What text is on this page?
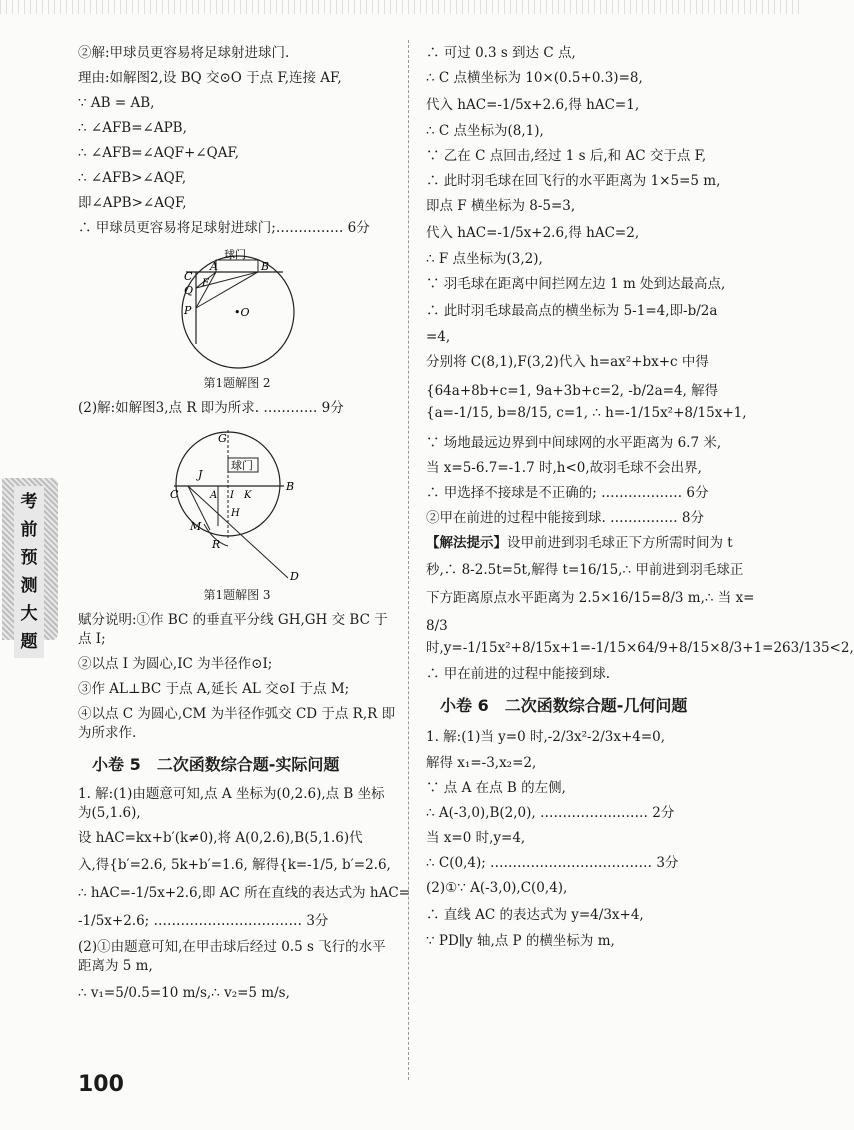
考前预测大题
②解:甲球员更容易将足球射进球门.
理由:如解图2,设 BQ 交⊙O 于点 F,连接 AF,
∵ AB = AB,
∴ ∠AFB=∠APB,
∴ ∠AFB=∠AQF+∠QAF,
∴ ∠AFB>∠AQF,
即∠APB>∠AQF,
∴ 甲球员更容易将足球射进球门;…………… 6分
球门
A	B
C
Q
F
P	•O
第1题解图 2
(2)解:如解图3,点 R 即为所求. ………… 9分
G
球门
J
A I K
C
B
H
M
R
D
第1题解图 3
赋分说明:①作 BC 的垂直平分线 GH,GH 交 BC 于点 I;
②以点 I 为圆心,IC 为半径作⊙I;
③作 AL⊥BC 于点 A,延长 AL 交⊙I 于点 M;
④以点 C 为圆心,CM 为半径作弧交 CD 于点 R,R 即为所求作.
小卷 5　二次函数综合题-实际问题
1. 解:(1)由题意可知,点 A 坐标为(0,2.6),点 B 坐标为(5,1.6),
设 hAC=kx+b′(k≠0),将 A(0,2.6),B(5,1.6)代
入,得{b′=2.6, 5k+b′=1.6, 解得{k=-1/5, b′=2.6,
∴ hAC=-1/5x+2.6,即 AC 所在直线的表达式为 hAC=
-1/5x+2.6; …………………………… 3分
(2)①由题意可知,在甲击球后经过 0.5 s 飞行的水平距离为 5 m,
∴ v₁=5/0.5=10 m/s,∴ v₂=5 m/s,
∴ 可过 0.3 s 到达 C 点,
∴ C 点横坐标为 10×(0.5+0.3)=8,
代入 hAC=-1/5x+2.6,得 hAC=1,
∴ C 点坐标为(8,1),
∵ 乙在 C 点回击,经过 1 s 后,和 AC 交于点 F,
∴ 此时羽毛球在回飞行的水平距离为 1×5=5 m,
即点 F 横坐标为 8-5=3,
代入 hAC=-1/5x+2.6,得 hAC=2,
∴ F 点坐标为(3,2),
∵ 羽毛球在距离中间拦网左边 1 m 处到达最高点,
∴ 此时羽毛球最高点的横坐标为 5-1=4,即-b/2a
=4,
分别将 C(8,1),F(3,2)代入 h=ax²+bx+c 中得
{64a+8b+c=1, 9a+3b+c=2, -b/2a=4, 解得{a=-1/15, b=8/15, c=1, ∴ h=-1/15x²+8/15x+1,
∵ 场地最远边界到中间球网的水平距离为 6.7 米,
当 x=5-6.7=-1.7 时,h<0,故羽毛球不会出界,
∴ 甲选择不接球是不正确的; ……………… 6分
②甲在前进的过程中能接到球. …………… 8分
【解法提示】设甲前进到羽毛球正下方所需时间为 t
秒,∴ 8-2.5t=5t,解得 t=16/15,∴ 甲前进到羽毛球正
下方距离原点水平距离为 2.5×16/15=8/3 m,∴ 当 x=
8/3 时,y=-1/15x²+8/15x+1=-1/15×64/9+8/15×8/3+1=263/135<2,
∴ 甲在前进的过程中能接到球.
小卷 6　二次函数综合题-几何问题
1. 解:(1)当 y=0 时,-2/3x²-2/3x+4=0,
解得 x₁=-3,x₂=2,
∵ 点 A 在点 B 的左侧,
∴ A(-3,0),B(2,0), …………………… 2分
当 x=0 时,y=4,
∴ C(0,4); ……………………………… 3分
(2)①∵ A(-3,0),C(0,4),
∴ 直线 AC 的表达式为 y=4/3x+4,
∵ PD∥y 轴,点 P 的横坐标为 m,
100
